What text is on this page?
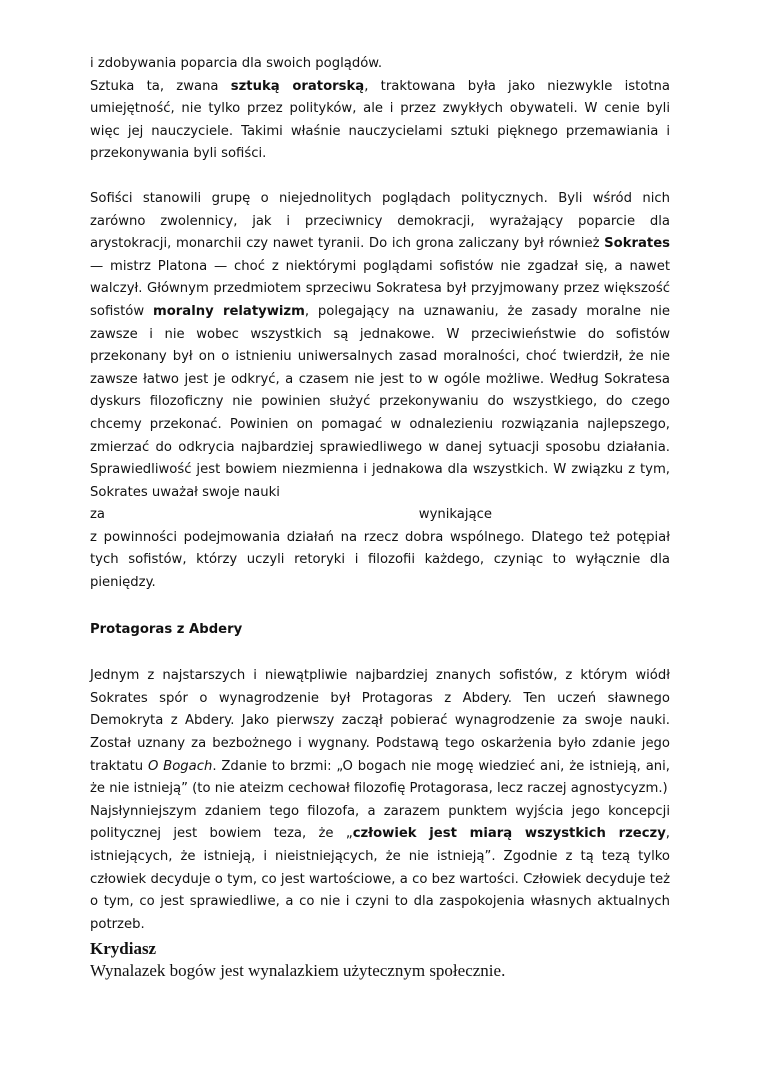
i zdobywania poparcia dla swoich poglądów.

Sztuka ta, zwana sztuką oratorską, traktowana była jako niezwykle istotna umiejętność, nie tylko przez polityków, ale i przez zwykłych obywateli. W cenie byli więc jej nauczyciele. Takimi właśnie nauczycielami sztuki pięknego przemawiania i przekonywania byli sofiści.

Sofiści stanowili grupę o niejednolitych poglądach politycznych. Byli wśród nich zarówno zwolennicy, jak i przeciwnicy demokracji, wyrażający poparcie dla arystokracji, monarchii czy nawet tyranii. Do ich grona zaliczany był również Sokrates — mistrz Platona — choć z niektórymi poglądami sofistów nie zgadzał się, a nawet walczył. Głównym przedmiotem sprzeciwu Sokratesa był przyjmowany przez większość sofistów moralny relatywizm, polegający na uznawaniu, że zasady moralne nie zawsze i nie wobec wszystkich są jednakowe. W przeciwieństwie do sofistów przekonany był on o istnieniu uniwersalnych zasad moralności, choć twierdził, że nie zawsze łatwo jest je odkryć, a czasem nie jest to w ogóle możliwe. Według Sokratesa dyskurs filozoficzny nie powinien służyć przekonywaniu do wszystkiego, do czego chcemy przekonać. Powinien on pomagać w odnalezieniu rozwiązania najlepszego, zmierzać do odkrycia najbardziej sprawiedliwego w danej sytuacji sposobu działania. Sprawiedliwość jest bowiem niezmienna i jednakowa dla wszystkich. W związku z tym, Sokrates uważał swoje nauki

za	wynikające

z powinności podejmowania działań na rzecz dobra wspólnego. Dlatego też potępiał tych sofistów, którzy uczyli retoryki i filozofii każdego, czyniąc to wyłącznie dla pieniędzy.

Protagoras z Abdery

Jednym z najstarszych i niewątpliwie najbardziej znanych sofistów, z którym wiódł Sokrates spór o wynagrodzenie był Protagoras z Abdery. Ten uczeń sławnego Demokryta z Abdery. Jako pierwszy zaczął pobierać wynagrodzenie za swoje nauki. Został uznany za bezbożnego i wygnany. Podstawą tego oskarżenia było zdanie jego traktatu O Bogach. Zdanie to brzmi: „O bogach nie mogę wiedzieć ani, że istnieją, ani, że nie istnieją” (to nie ateizm cechował filozofię Protagorasa, lecz raczej agnostycyzm.)

Najsłynniejszym zdaniem tego filozofa, a zarazem punktem wyjścia jego koncepcji politycznej jest bowiem teza, że „człowiek jest miarą wszystkich rzeczy, istniejących, że istnieją, i nieistniejących, że nie istnieją”. Zgodnie z tą tezą tylko człowiek decyduje o tym, co jest wartościowe, a co bez wartości. Człowiek decyduje też o tym, co jest sprawiedliwe, a co nie i czyni to dla zaspokojenia własnych aktualnych potrzeb.

Krydiasz

Wynalazek bogów jest wynalazkiem użytecznym społecznie.
